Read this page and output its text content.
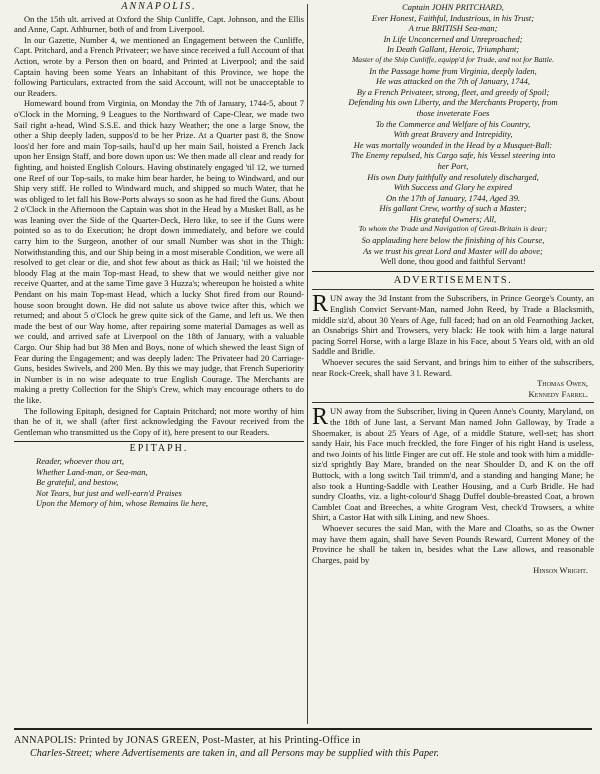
ANNAPOLIS.

On the 15th ult. arrived at Oxford the Ship Cunliffe, Capt. Johnson, and the Ellis and Anne, Capt. Athburner, both of and from Liverpool.

In our Gazette, Number 4, we mentioned an Engagement between the Cunliffe, Capt. Pritchard, and a French Privateer; we have since received a full Account of that Action, wrote by a Person then on board, and Printed at Liverpool; and the said Captain having been some Years an Inhabitant of this Province, we hope the following Particulars, extracted from the said Account, will not be unacceptable to our Readers.

Homeward bound from Virginia, on Monday the 7th of January, 1744-5, about 7 o'Clock in the Morning, 9 Leagues to the Northward of Cape-Clear, we made two Sail right a-head, Wind S.S.E. and thick hazy Weather; the one a large Snow, the other a Ship deeply laden, suppos'd to be her Prize. At a Quarter past 8, the Snow loos'd her fore and main Top-sails, haul'd up her main Sail, hoisted a French Jack upon her Ensign Staff, and bore down upon us: We then made all clear and ready for fighting, and hoisted English Colours. Having obstinately engaged 'til 12, we turned one Reef of our Top-sails, to make him bear harder, he being to Windward, and our Ship very stiff. He rolled to Windward much, and shipped so much Water, that he was obliged to let fall his Bow-Ports always so soon as he had fired the Guns. About 2 o'Clock in the Afternoon the Captain was shot in the Head by a Musket Ball, as he was leaning over the Side of the Quarter-Deck, Hero like, to see if the Guns were pointed so as to do Execution; he dropt down immediately, and before we could carry him to the Surgeon, another of our small Number was shot in the Thigh: Notwithstanding this, and our Ship being in a most miserable Condition, we were all resolved to get clear or die, and shot few about as thick as Hail; 'til we hoisted the bloody Flag at the main Top-mast Head, to shew that we would neither give nor receive Quarter, and at the same Time gave 3 Huzza's; whereupon he hoisted a white Pendant on his main Top-mast Head, which a lucky Shot fired from our Round-house soon brought down. He did not salute us above twice after this, which we returned; and about 5 o'Clock he grew quite sick of the Game, and left us. We then made the best of our Way home, after repairing some material Damages as well as we could, and arrived safe at Liverpool on the 18th of January, with a valuable Cargo. Our Ship had but 38 Men and Boys, none of which shewed the least Sign of Fear during the Engagement; and was deeply laden: The Privateer had 20 Carriage-Guns, besides Swivels, and 200 Men. By this we may judge, that French Superiority in Number is in no wise adequate to true English Courage. The Merchants are making a pretty Collection for the Ship's Crew, which may encourage others to do the like.

The following Epitaph, designed for Captain Pritchard; not more worthy of him than he of it, we shall (after first acknowledging the Favour received from the Gentleman who transmitted us the Copy of it), here present to our Readers.

EPITAPH.

Reader, whoever thou art,

Whether Land-man, or Sea-man,

Be grateful, and bestow,

Not Tears, but just and well-earn'd Praises

Upon the Memory of him, whose Remains lie here,

Captain JOHN PRITCHARD,

Ever Honest, Faithful, Industrious, in his Trust;

A true BRITISH Sea-man;

In Life Unconcerned and Unreproached;

In Death Gallant, Heroic, Triumphant;

Master of the Ship Cunliffe, equipp'd for Trade, and not for Battle.

In the Passage home from Virginia, deeply laden,

He was attacked on the 7th of January, 1744,

By a French Privateer, strong, fleet, and greedy of Spoil;

Defending his own Liberty, and the Merchants Property, from

those inveterate Foes

To the Commerce and Welfare of his Country,

With great Bravery and Intrepidity,

He was mortally wounded in the Head by a Musquet-Ball:

The Enemy repulsed, his Cargo safe, his Vessel steering into

her Port,

His own Duty faithfully and resolutely discharged,

With Success and Glory he expired

On the 17th of January, 1744, Aged 39.

His gallant Crew, worthy of such a Master;

His grateful Owners; All,

To whom the Trade and Navigation of Great-Britain is dear;

So applauding here below the finishing of his Course,

As we trust his great Lord and Master will do above;

Well done, thou good and faithful Servant!

ADVERTISEMENTS.

RUN away the 3d Instant from the Subscribers, in Prince George's County, an English Convict Servant-Man, named John Reed, by Trade a Blacksmith, middle siz'd, about 30 Years of Age, full faced; had on an old Fearnothing Jacket, an Osnabrigs Shirt and Trowsers, very black: He took with him a large natural pacing Sorrel Horse, with a large Blaze in his Face, about 5 Years old, with an old Saddle and Bridle.

Whoever secures the said Servant, and brings him to either of the subscribers, near Rock-Creek, shall have 3 l. Reward.

Thomas Owen,

Kennedy Farrel.

RUN away from the Subscriber, living in Queen Anne's County, Maryland, on the 18th of June last, a Servant Man named John Galloway, by Trade a Shoemaker, is about 25 Years of Age, of a middle Stature, well-set; has short sandy Hair, his Face much freckled, the fore Finger of his right Hand is useless, and two Joints of his little Finger are cut off. He stole and took with him a middle-siz'd sprightly Bay Mare, branded on the near Shoulder D, and K on the off Buttock, with a long switch Tail trimm'd, and a standing and hanging Mane; he also took a Hunting-Saddle with Leather Housing, and a Curb Bridle. He had sundry Cloaths, viz. a light-colour'd Shagg Duffel double-breasted Coat, a brown Camblet Coat and Breeches, a white Grogram Vest, check'd Trowsers, a white Shirt, a Castor Hat with silk Lining, and new Shoes.

Whoever secures the said Man, with the Mare and Cloaths, so as the Owner may have them again, shall have Seven Pounds Reward, Current Money of the Province he shall be taken in, besides what the Law allows, and reasonable Charges, paid by

Hinson Wright.

ANNAPOLIS: Printed by JONAS GREEN, Post-Master, at his Printing-Office in

Charles-Street; where Advertisements are taken in, and all Persons may be supplied with this Paper.
